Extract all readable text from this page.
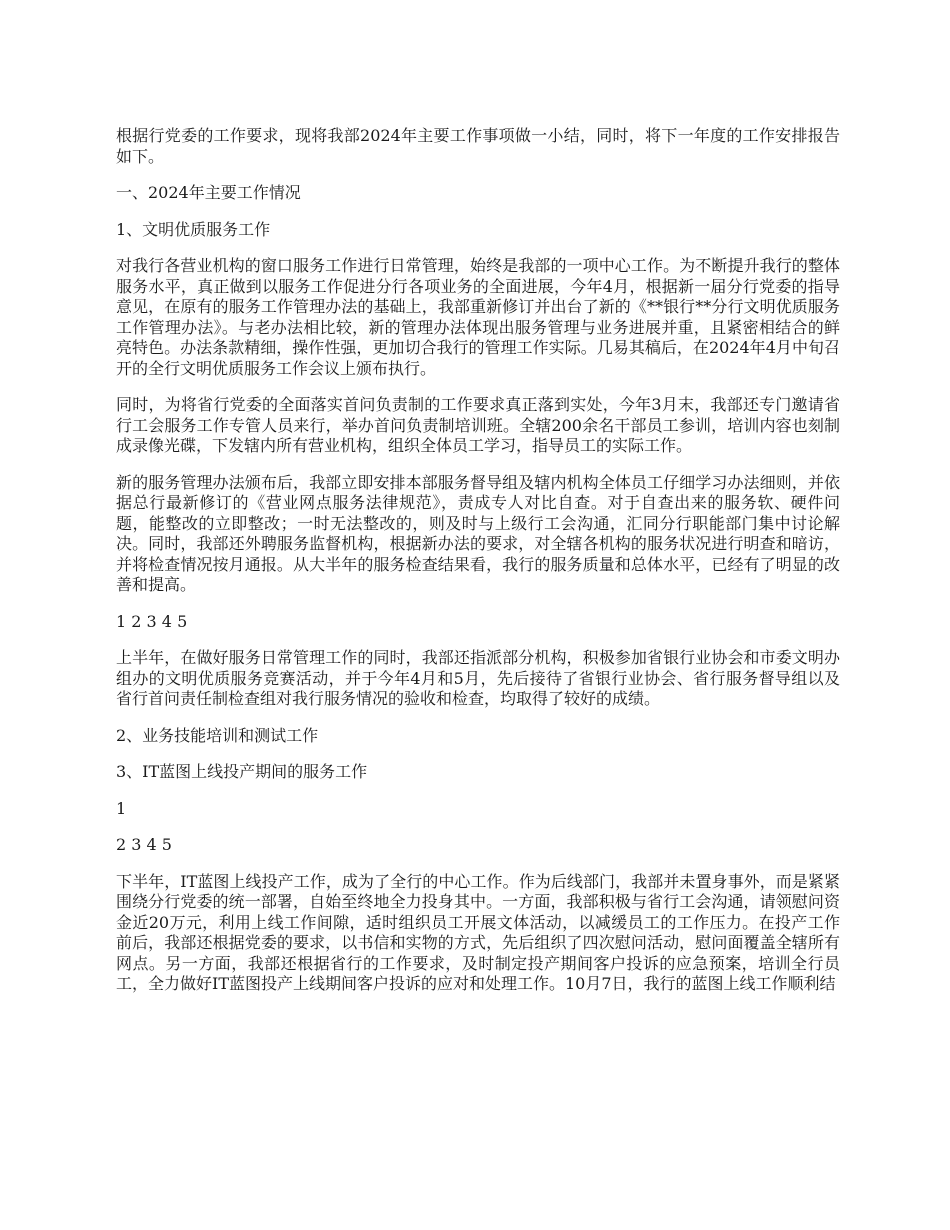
根据行党委的工作要求，现将我部2024年主要工作事项做一小结，同时，将下一年度的工作安排报告如下。

一、2024年主要工作情况

1、文明优质服务工作

对我行各营业机构的窗口服务工作进行日常管理，始终是我部的一项中心工作。为不断提升我行的整体服务水平，真正做到以服务工作促进分行各项业务的全面进展，今年4月，根据新一届分行党委的指导意见，在原有的服务工作管理办法的基础上，我部重新修订并出台了新的《**银行**分行文明优质服务工作管理办法》。与老办法相比较，新的管理办法体现出服务管理与业务进展并重，且紧密相结合的鲜亮特色。办法条款精细，操作性强，更加切合我行的管理工作实际。几易其稿后，在2024年4月中旬召开的全行文明优质服务工作会议上颁布执行。

同时，为将省行党委的全面落实首问负责制的工作要求真正落到实处，今年3月末，我部还专门邀请省行工会服务工作专管人员来行，举办首问负责制培训班。全辖200余名干部员工参训，培训内容也刻制成录像光碟，下发辖内所有营业机构，组织全体员工学习，指导员工的实际工作。

新的服务管理办法颁布后，我部立即安排本部服务督导组及辖内机构全体员工仔细学习办法细则，并依据总行最新修订的《营业网点服务法律规范》，责成专人对比自查。对于自查出来的服务软、硬件问题，能整改的立即整改；一时无法整改的，则及时与上级行工会沟通，汇同分行职能部门集中讨论解决。同时，我部还外聘服务监督机构，根据新办法的要求，对全辖各机构的服务状况进行明查和暗访，并将检查情况按月通报。从大半年的服务检查结果看，我行的服务质量和总体水平，已经有了明显的改善和提高。

1 2 3 4 5

上半年，在做好服务日常管理工作的同时，我部还指派部分机构，积极参加省银行业协会和市委文明办组办的文明优质服务竞赛活动，并于今年4月和5月，先后接待了省银行业协会、省行服务督导组以及省行首问责任制检查组对我行服务情况的验收和检查，均取得了较好的成绩。

2、业务技能培训和测试工作

3、IT蓝图上线投产期间的服务工作

1

2 3 4 5

下半年，IT蓝图上线投产工作，成为了全行的中心工作。作为后线部门，我部并未置身事外，而是紧紧围绕分行党委的统一部署，自始至终地全力投身其中。一方面，我部积极与省行工会沟通，请领慰问资金近20万元，利用上线工作间隙，适时组织员工开展文体活动，以减缓员工的工作压力。在投产工作前后，我部还根据党委的要求，以书信和实物的方式，先后组织了四次慰问活动，慰问面覆盖全辖所有网点。另一方面，我部还根据省行的工作要求，及时制定投产期间客户投诉的应急预案，培训全行员工，全力做好IT蓝图投产上线期间客户投诉的应对和处理工作。10月7日，我行的蓝图上线工作顺利结
